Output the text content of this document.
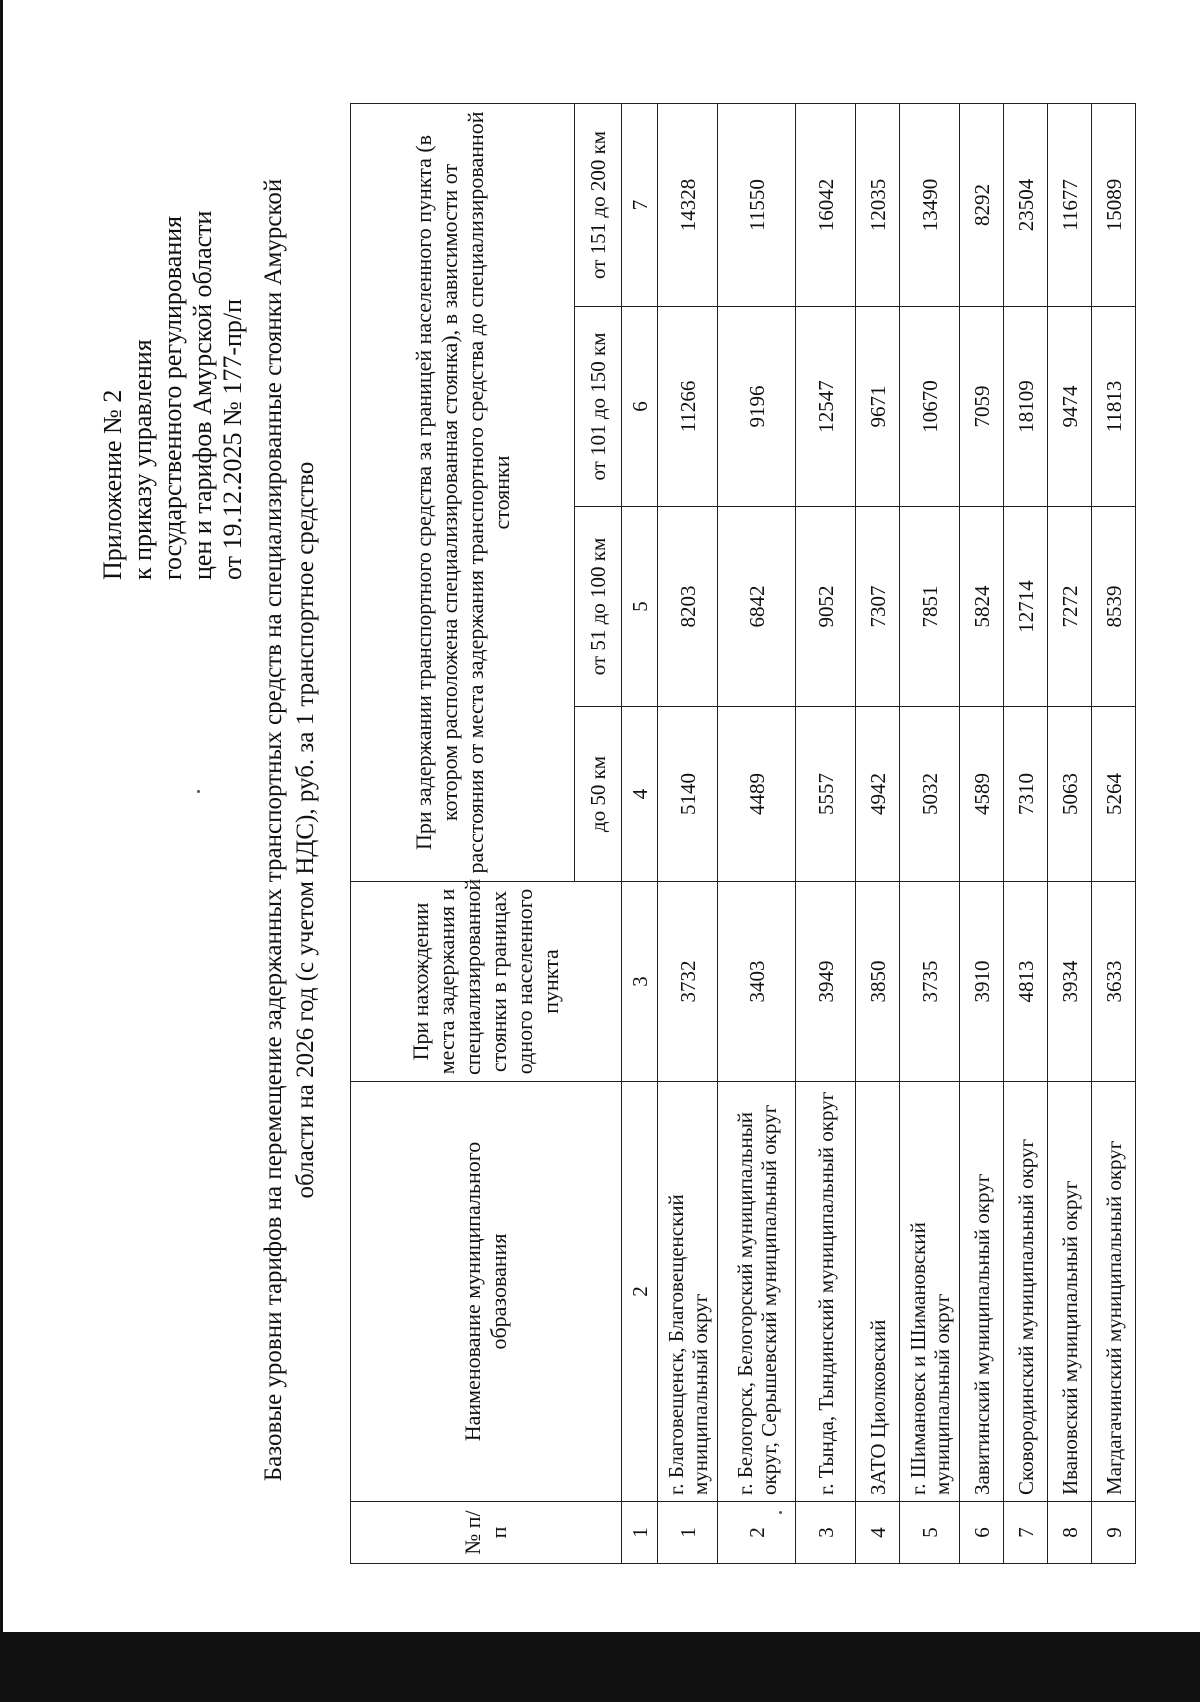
Приложение № 2 к приказу управления государственного регулирования цен и тарифов Амурской области от 19.12.2025 № 177-пр/п Базовые уровни тарифов на перемещение задержанных транспортных средств на специализированные стоянки Амурской области на 2026 год (с учетом НДС), руб. за 1 транспортное средство
№ п/п	Наименование муниципального образования	При нахождении места задержания и специализированной стоянки в границах одного населенного пункта	При задержании транспортного средства за границей населенного пункта (в котором расположена специализированная стоянка), в зависимости от расстояния от места задержания транспортного средства до специализированной стоянки			
			до 50 км	от 51 до 100 км	от 101 до 150 км	от 151 до 200 км
1	2	3	4	5	6	7
1	г. Благовещенск, Благовещенский муниципальный округ	3732	5140	8203	11266	14328
2	г. Белогорск, Белогорский муниципальный округ, Серышевский муниципальный округ	3403	4489	6842	9196	11550
3	г. Тында, Тындинский муниципальный округ	3949	5557	9052	12547	16042
4	ЗАТО Циолковский	3850	4942	7307	9671	12035
5	г. Шимановск и Шимановский муниципальный округ	3735	5032	7851	10670	13490
6	Завитинский муниципальный округ	3910	4589	5824	7059	8292
7	Сковородинский муниципальный округ	4813	7310	12714	18109	23504
8	Ивановский муниципальный округ	3934	5063	7272	9474	11677
9	Магдагачинский муниципальный округ	3633	5264	8539	11813	15089
